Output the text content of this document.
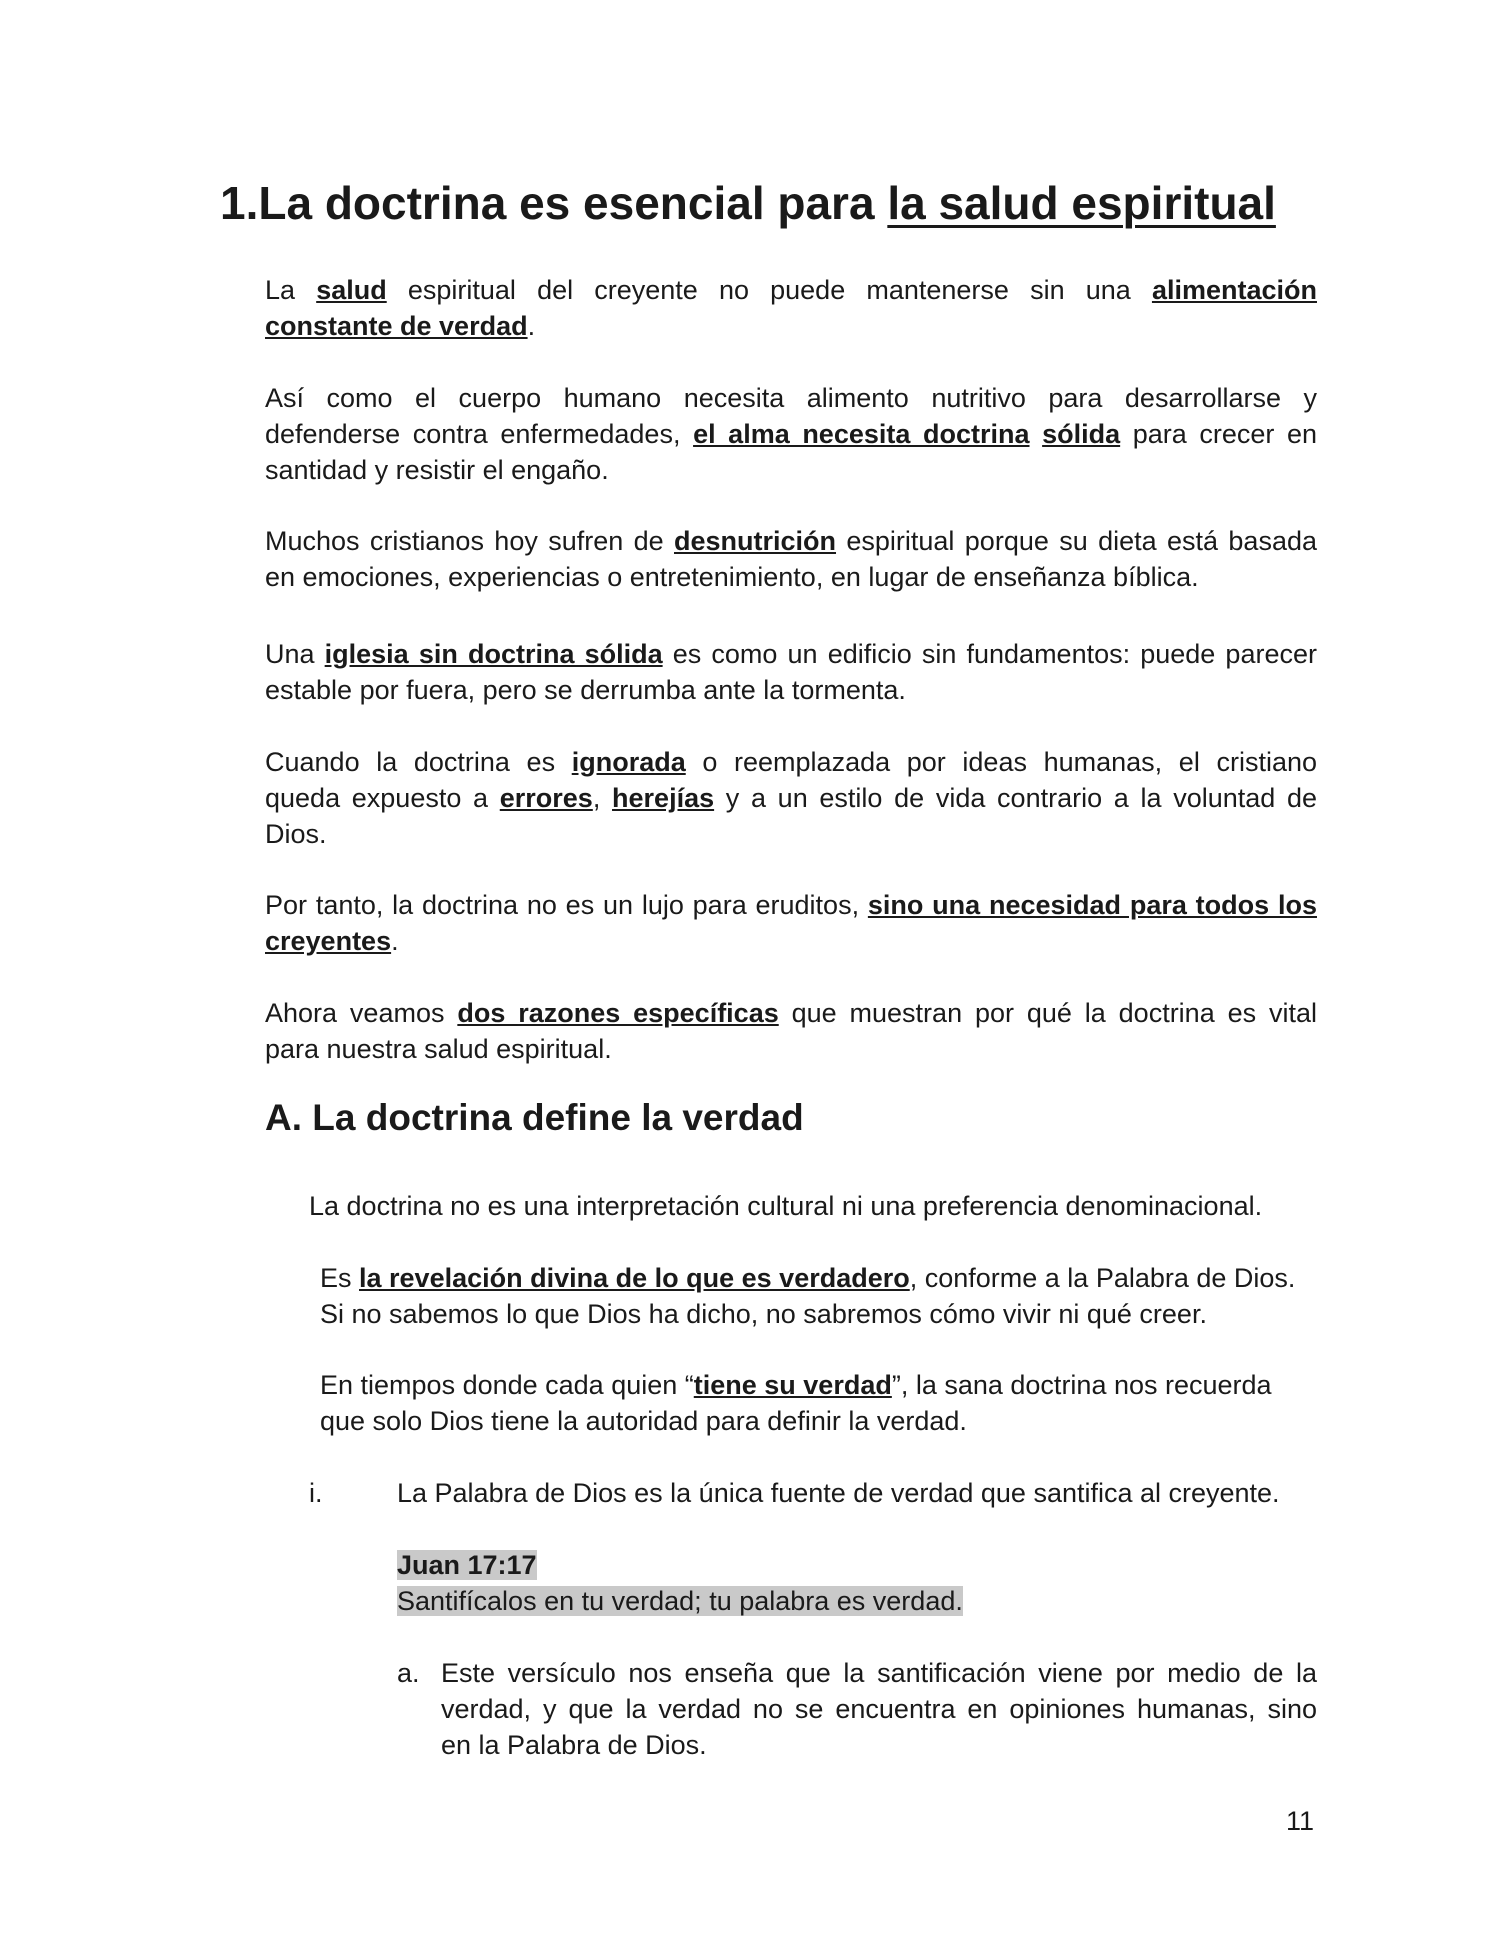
1.La doctrina es esencial para la salud espiritual

La salud espiritual del creyente no puede mantenerse sin una alimentación

constante de verdad.

Así como el cuerpo humano necesita alimento nutritivo para desarrollarse y

defenderse contra enfermedades, el alma necesita doctrina sólida para crecer en

santidad y resistir el engaño.

Muchos cristianos hoy sufren de desnutrición espiritual porque su dieta está basada

en emociones, experiencias o entretenimiento, en lugar de enseñanza bíblica.

Una iglesia sin doctrina sólida es como un edificio sin fundamentos: puede parecer

estable por fuera, pero se derrumba ante la tormenta.

Cuando la doctrina es ignorada o reemplazada por ideas humanas, el cristiano

queda expuesto a errores, herejías y a un estilo de vida contrario a la voluntad de

Dios.

Por tanto, la doctrina no es un lujo para eruditos, sino una necesidad para todos los

creyentes.

Ahora veamos dos razones específicas que muestran por qué la doctrina es vital

para nuestra salud espiritual.

A. La doctrina define la verdad

La doctrina no es una interpretación cultural ni una preferencia denominacional.

Es la revelación divina de lo que es verdadero, conforme a la Palabra de Dios.

Si no sabemos lo que Dios ha dicho, no sabremos cómo vivir ni qué creer.

En tiempos donde cada quien “tiene su verdad”, la sana doctrina nos recuerda

que solo Dios tiene la autoridad para definir la verdad.

i.	La Palabra de Dios es la única fuente de verdad que santifica al creyente.

Juan 17:17

Santifícalos en tu verdad; tu palabra es verdad.

a. Este versículo nos enseña que la santificación viene por medio de la

verdad, y que la verdad no se encuentra en opiniones humanas, sino

en la Palabra de Dios.

11
